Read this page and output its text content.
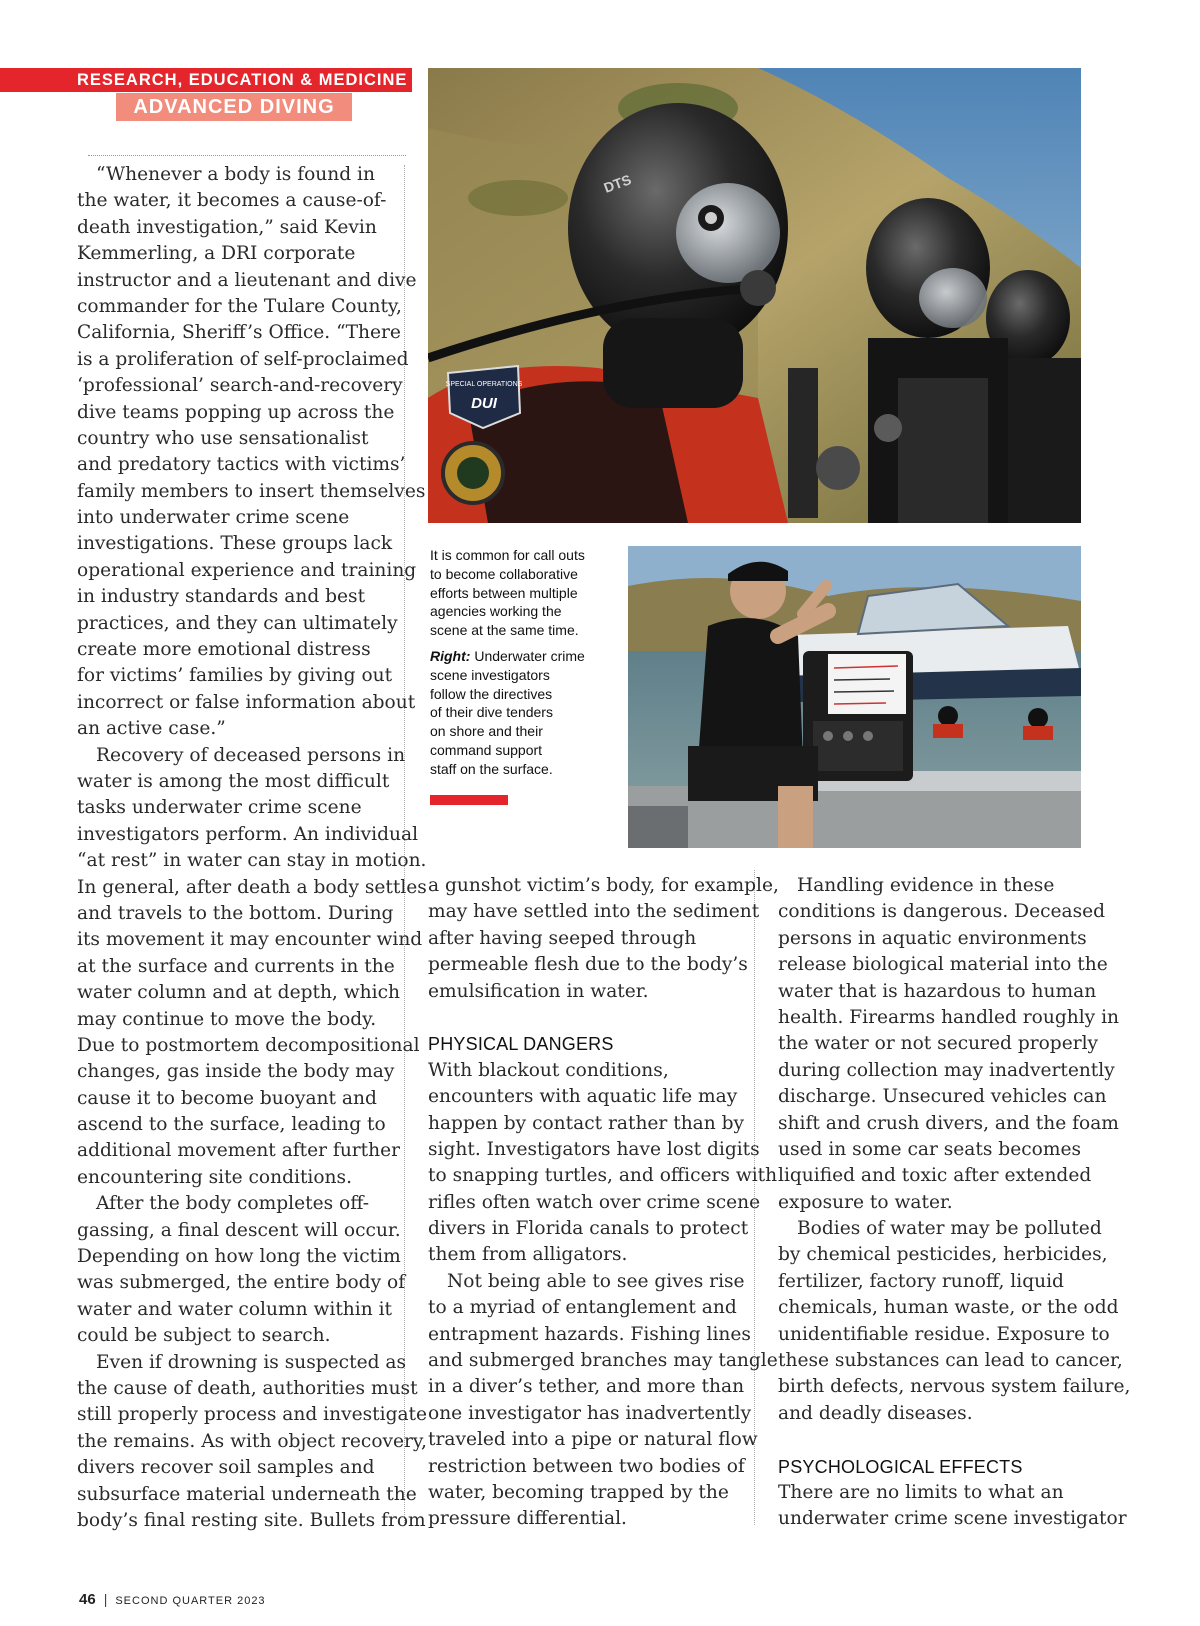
RESEARCH, EDUCATION & MEDICINE
ADVANCED DIVING
“Whenever a body is found in
the water, it becomes a cause-of-
death investigation,” said Kevin
Kemmerling, a DRI corporate
instructor and a lieutenant and dive
commander for the Tulare County,
California, Sheriff’s Office. “There
is a proliferation of self-proclaimed
‘professional’ search-and-recovery
dive teams popping up across the
country who use sensationalist
and predatory tactics with victims’
family members to insert themselves
into underwater crime scene
investigations. These groups lack
operational experience and training
in industry standards and best
practices, and they can ultimately
create more emotional distress
for victims’ families by giving out
incorrect or false information about
an active case.”
Recovery of deceased persons in
water is among the most difficult
tasks underwater crime scene
investigators perform. An individual
“at rest” in water can stay in motion.
In general, after death a body settles
and travels to the bottom. During
its movement it may encounter wind
at the surface and currents in the
water column and at depth, which
may continue to move the body.
Due to postmortem decompositional
changes, gas inside the body may
cause it to become buoyant and
ascend to the surface, leading to
additional movement after further
encountering site conditions.
After the body completes off-
gassing, a final descent will occur.
Depending on how long the victim
was submerged, the entire body of
water and water column within it
could be subject to search.
Even if drowning is suspected as
the cause of death, authorities must
still properly process and investigate
the remains. As with object recovery,
divers recover soil samples and
subsurface material underneath the
body’s final resting site. Bullets from
a gunshot victim’s body, for example,
may have settled into the sediment
after having seeped through
permeable flesh due to the body’s
emulsification in water.
PHYSICAL DANGERS
With blackout conditions,
encounters with aquatic life may
happen by contact rather than by
sight. Investigators have lost digits
to snapping turtles, and officers with
rifles often watch over crime scene
divers in Florida canals to protect
them from alligators.
Not being able to see gives rise
to a myriad of entanglement and
entrapment hazards. Fishing lines
and submerged branches may tangle
in a diver’s tether, and more than
one investigator has inadvertently
traveled into a pipe or natural flow
restriction between two bodies of
water, becoming trapped by the
pressure differential.
Handling evidence in these
conditions is dangerous. Deceased
persons in aquatic environments
release biological material into the
water that is hazardous to human
health. Firearms handled roughly in
the water or not secured properly
during collection may inadvertently
discharge. Unsecured vehicles can
shift and crush divers, and the foam
used in some car seats becomes
liquified and toxic after extended
exposure to water.
Bodies of water may be polluted
by chemical pesticides, herbicides,
fertilizer, factory runoff, liquid
chemicals, human waste, or the odd
unidentifiable residue. Exposure to
these substances can lead to cancer,
birth defects, nervous system failure,
and deadly diseases.
PSYCHOLOGICAL EFFECTS
There are no limits to what an
underwater crime scene investigator
SPECIAL OPERATIONS
DUI
DTS
It is common for call outs
to become collaborative
efforts between multiple
agencies working the
scene at the same time.
Right: Underwater crime
scene investigators
follow the directives
of their dive tenders
on shore and their
command support
staff on the surface.
46 | SECOND QUARTER 2023
